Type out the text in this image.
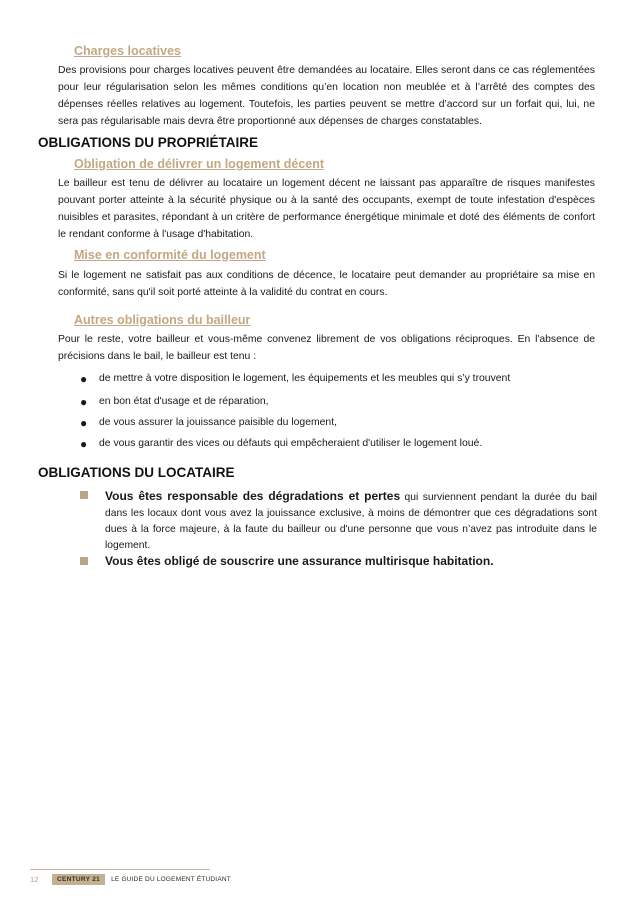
Charges locatives
Des provisions pour charges locatives peuvent être demandées au locataire. Elles seront dans ce cas réglementées pour leur régularisation selon les mêmes conditions qu’en location non meublée et à l’arrêté des comptes des dépenses réelles relatives au logement. Toutefois, les parties peuvent se mettre d’accord sur un forfait qui, lui, ne sera pas régularisable mais devra être proportionné aux dépenses de charges constatables.
OBLIGATIONS DU PROPRIÉTAIRE
Obligation de délivrer un logement décent
Le bailleur est tenu de délivrer au locataire un logement décent ne laissant pas apparaître de risques manifestes pouvant porter atteinte à la sécurité physique ou à la santé des occupants, exempt de toute infestation d'espèces nuisibles et parasites, répondant à un critère de performance énergétique minimale et doté des éléments de confort le rendant conforme à l'usage d'habitation.
Mise en conformité du logement
Si le logement ne satisfait pas aux conditions de décence, le locataire peut demander au propriétaire sa mise en conformité, sans qu'il soit porté atteinte à la validité du contrat en cours.
Autres obligations du bailleur
Pour le reste, votre bailleur et vous-même convenez librement de vos obligations réciproques. En l'absence de précisions dans le bail, le bailleur est tenu :
● de mettre à votre disposition le logement, les équipements et les meubles qui s’y trouvent
● en bon état d'usage et de réparation,
● de vous assurer la jouissance paisible du logement,
● de vous garantir des vices ou défauts qui empêcheraient d'utiliser le logement loué.
OBLIGATIONS DU LOCATAIRE
Vous êtes responsable des dégradations et pertes qui surviennent pendant la durée du bail dans les locaux dont vous avez la jouissance exclusive, à moins de démontrer que ces dégradations sont dues à la force majeure, à la faute du bailleur ou d'une personne que vous n’avez pas introduite dans le logement.
Vous êtes obligé de souscrire une assurance multirisque habitation.
12	CENTURY 21	LE GUIDE DU LOGEMENT ÉTUDIANT
